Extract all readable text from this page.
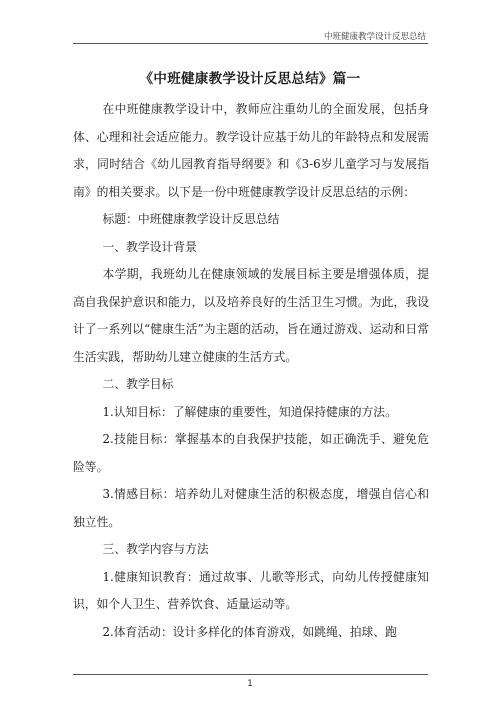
中班健康教学设计反思总结
《中班健康教学设计反思总结》篇一

在中班健康教学设计中，教师应注重幼儿的全面发展，包括身体、心理和社会适应能力。教学设计应基于幼儿的年龄特点和发展需求，同时结合《幼儿园教育指导纲要》和《3-6岁儿童学习与发展指南》的相关要求。以下是一份中班健康教学设计反思总结的示例：

标题：中班健康教学设计反思总结

一、教学设计背景

本学期，我班幼儿在健康领域的发展目标主要是增强体质，提高自我保护意识和能力，以及培养良好的生活卫生习惯。为此，我设计了一系列以“健康生活”为主题的活动，旨在通过游戏、运动和日常生活实践，帮助幼儿建立健康的生活方式。

二、教学目标

1.认知目标：了解健康的重要性，知道保持健康的方法。

2.技能目标：掌握基本的自我保护技能，如正确洗手、避免危险等。

3.情感目标：培养幼儿对健康生活的积极态度，增强自信心和独立性。

三、教学内容与方法

1.健康知识教育：通过故事、儿歌等形式，向幼儿传授健康知识，如个人卫生、营养饮食、适量运动等。

2.体育活动：设计多样化的体育游戏，如跳绳、拍球、跑

1
